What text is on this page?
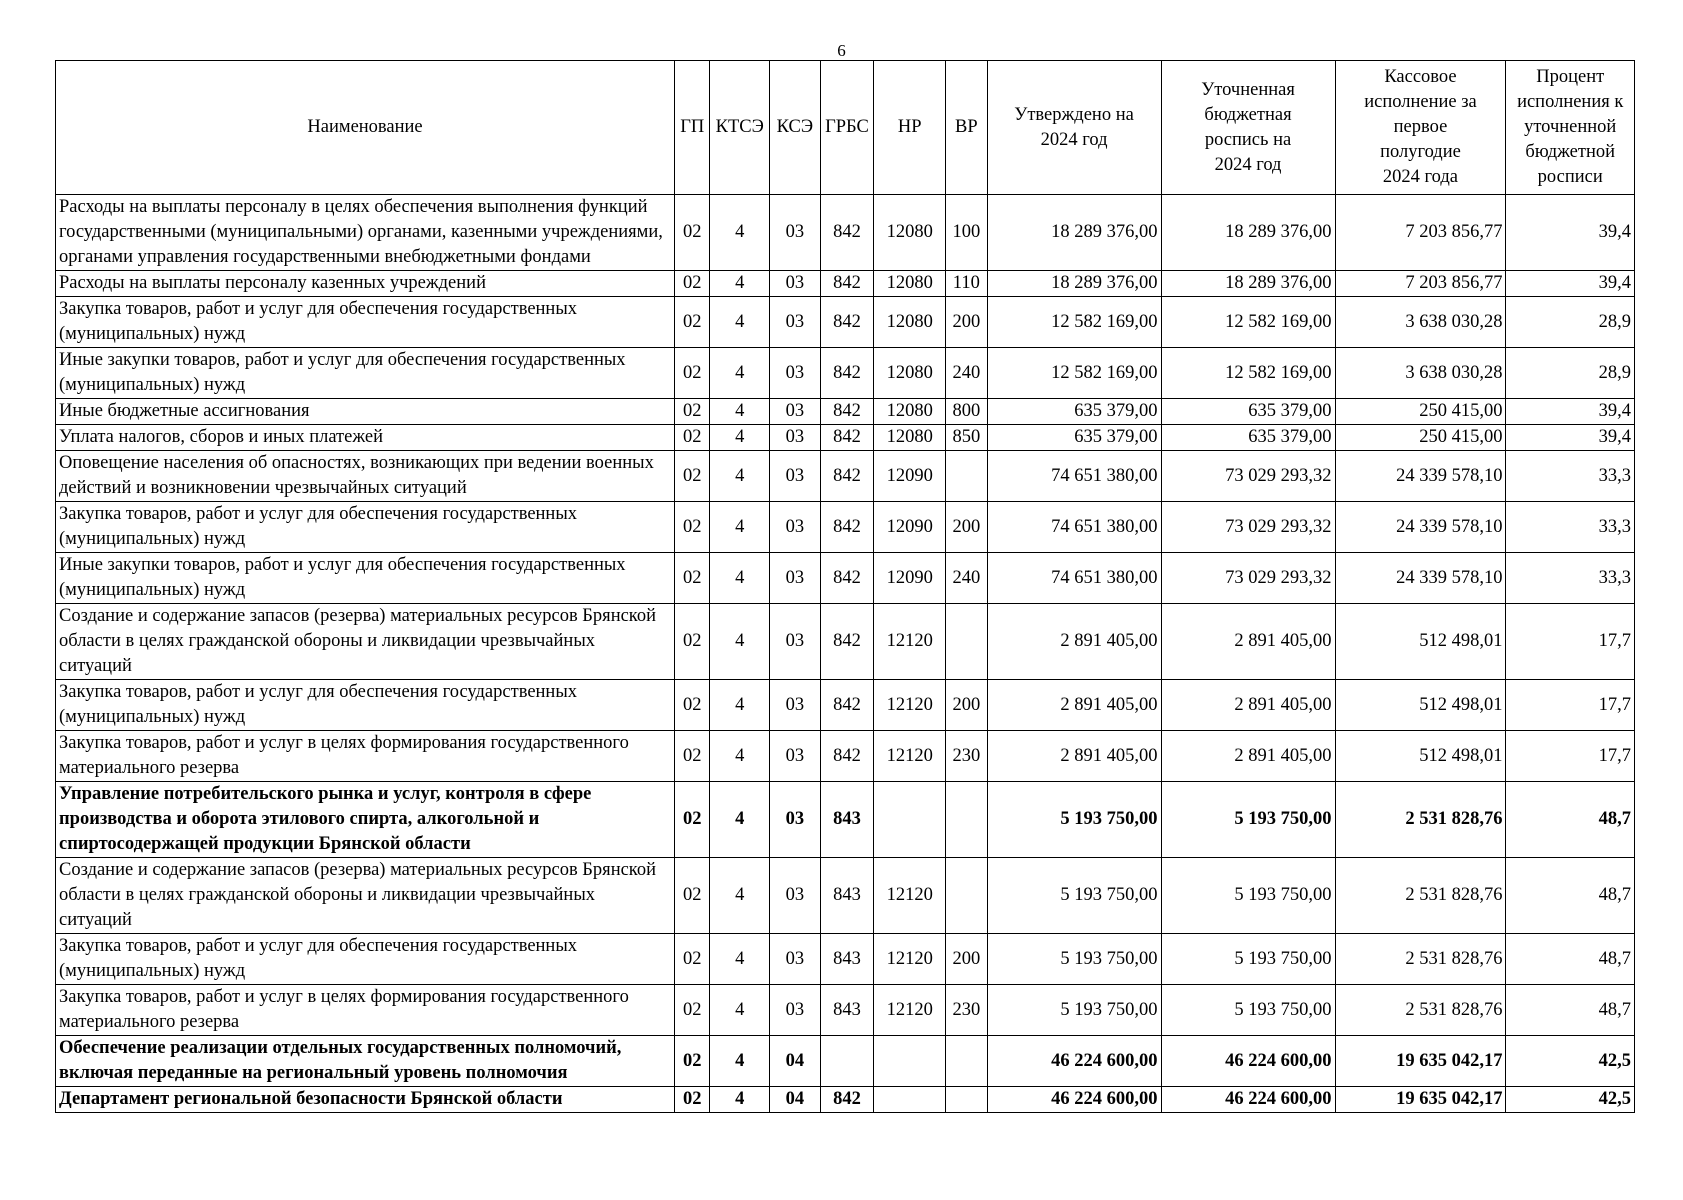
6
Наименование	ГП	КТСЭ	КСЭ	ГРБС	НР	ВР	Утверждено на 2024 год	Уточненная бюджетная роспись на 2024 год	Кассовое исполнение за первое полугодие 2024 года	Процент исполнения к уточненной бюджетной росписи
Расходы на выплаты персоналу в целях обеспечения выполнения функций государственными (муниципальными) органами, казенными учреждениями, органами управления государственными внебюджетными фондами	02	4	03	842	12080	100	18 289 376,00	18 289 376,00	7 203 856,77	39,4
Расходы на выплаты персоналу казенных учреждений	02	4	03	842	12080	110	18 289 376,00	18 289 376,00	7 203 856,77	39,4
Закупка товаров, работ и услуг для обеспечения государственных (муниципальных) нужд	02	4	03	842	12080	200	12 582 169,00	12 582 169,00	3 638 030,28	28,9
Иные закупки товаров, работ и услуг для обеспечения государственных (муниципальных) нужд	02	4	03	842	12080	240	12 582 169,00	12 582 169,00	3 638 030,28	28,9
Иные бюджетные ассигнования	02	4	03	842	12080	800	635 379,00	635 379,00	250 415,00	39,4
Уплата налогов, сборов и иных платежей	02	4	03	842	12080	850	635 379,00	635 379,00	250 415,00	39,4
Оповещение населения об опасностях, возникающих при ведении военных действий и возникновении чрезвычайных ситуаций	02	4	03	842	12090		74 651 380,00	73 029 293,32	24 339 578,10	33,3
Закупка товаров, работ и услуг для обеспечения государственных (муниципальных) нужд	02	4	03	842	12090	200	74 651 380,00	73 029 293,32	24 339 578,10	33,3
Иные закупки товаров, работ и услуг для обеспечения государственных (муниципальных) нужд	02	4	03	842	12090	240	74 651 380,00	73 029 293,32	24 339 578,10	33,3
Создание и содержание запасов (резерва) материальных ресурсов Брянской области в целях гражданской обороны и ликвидации чрезвычайных ситуаций	02	4	03	842	12120		2 891 405,00	2 891 405,00	512 498,01	17,7
Закупка товаров, работ и услуг для обеспечения государственных (муниципальных) нужд	02	4	03	842	12120	200	2 891 405,00	2 891 405,00	512 498,01	17,7
Закупка товаров, работ и услуг в целях формирования государственного материального резерва	02	4	03	842	12120	230	2 891 405,00	2 891 405,00	512 498,01	17,7
Управление потребительского рынка и услуг, контроля в сфере производства и оборота этилового спирта, алкогольной и спиртосодержащей продукции Брянской области	02	4	03	843			5 193 750,00	5 193 750,00	2 531 828,76	48,7
Создание и содержание запасов (резерва) материальных ресурсов Брянской области в целях гражданской обороны и ликвидации чрезвычайных ситуаций	02	4	03	843	12120		5 193 750,00	5 193 750,00	2 531 828,76	48,7
Закупка товаров, работ и услуг для обеспечения государственных (муниципальных) нужд	02	4	03	843	12120	200	5 193 750,00	5 193 750,00	2 531 828,76	48,7
Закупка товаров, работ и услуг в целях формирования государственного материального резерва	02	4	03	843	12120	230	5 193 750,00	5 193 750,00	2 531 828,76	48,7
Обеспечение реализации отдельных государственных полномочий, включая переданные на региональный уровень полномочия	02	4	04				46 224 600,00	46 224 600,00	19 635 042,17	42,5
Департамент региональной безопасности Брянской области	02	4	04	842			46 224 600,00	46 224 600,00	19 635 042,17	42,5
